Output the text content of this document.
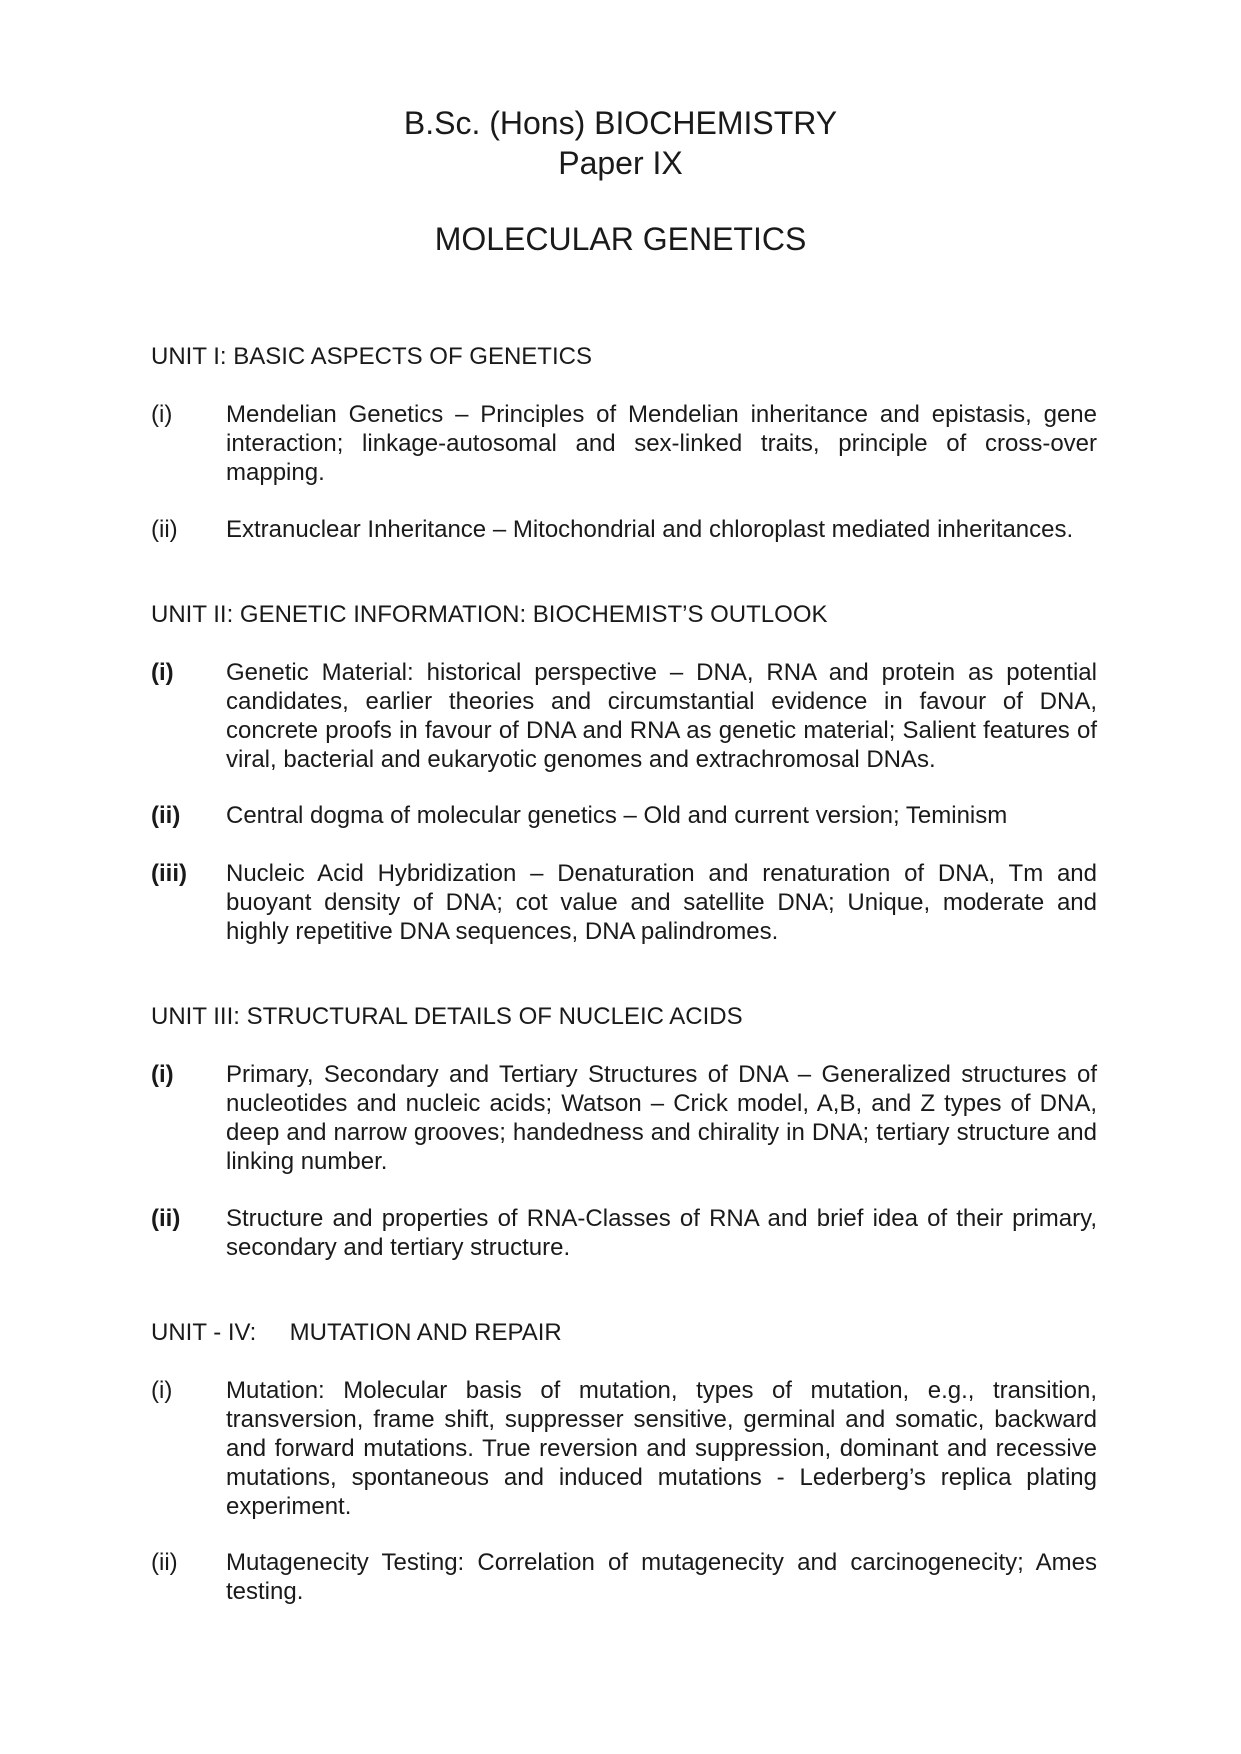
B.Sc. (Hons) BIOCHEMISTRY
Paper IX
MOLECULAR GENETICS
UNIT I: BASIC ASPECTS OF GENETICS
(i)	Mendelian Genetics – Principles of Mendelian inheritance and epistasis, gene interaction; linkage-autosomal and sex-linked traits, principle of cross-over mapping.
(ii)	Extranuclear Inheritance – Mitochondrial and chloroplast mediated inheritances.
UNIT II: GENETIC INFORMATION: BIOCHEMIST’S OUTLOOK
(i)	Genetic Material: historical perspective – DNA, RNA and protein as potential candidates, earlier theories and circumstantial evidence in favour of DNA, concrete proofs in favour of DNA and RNA as genetic material; Salient features of viral, bacterial and eukaryotic genomes and extrachromosal DNAs.
(ii)	Central dogma of molecular genetics – Old and current version; Teminism
(iii)	Nucleic Acid Hybridization – Denaturation and renaturation of DNA, Tm and buoyant density of DNA; cot value and satellite DNA; Unique, moderate and highly repetitive DNA sequences, DNA palindromes.
UNIT III: STRUCTURAL DETAILS OF NUCLEIC ACIDS
(i)	Primary, Secondary and Tertiary Structures of DNA – Generalized structures of nucleotides and nucleic acids; Watson – Crick model, A,B, and Z types of DNA, deep and narrow grooves; handedness and chirality in DNA; tertiary structure and linking number.
(ii)	Structure and properties of RNA-Classes of RNA and brief idea of their primary, secondary and tertiary structure.
UNIT - IV:     MUTATION AND REPAIR
(i)	Mutation: Molecular basis of mutation, types of mutation, e.g., transition, transversion, frame shift, suppresser sensitive, germinal and somatic, backward and forward mutations. True reversion and suppression, dominant and recessive mutations, spontaneous and induced mutations - Lederberg’s replica plating experiment.
(ii)	Mutagenecity Testing: Correlation of mutagenecity and carcinogenecity; Ames testing.
